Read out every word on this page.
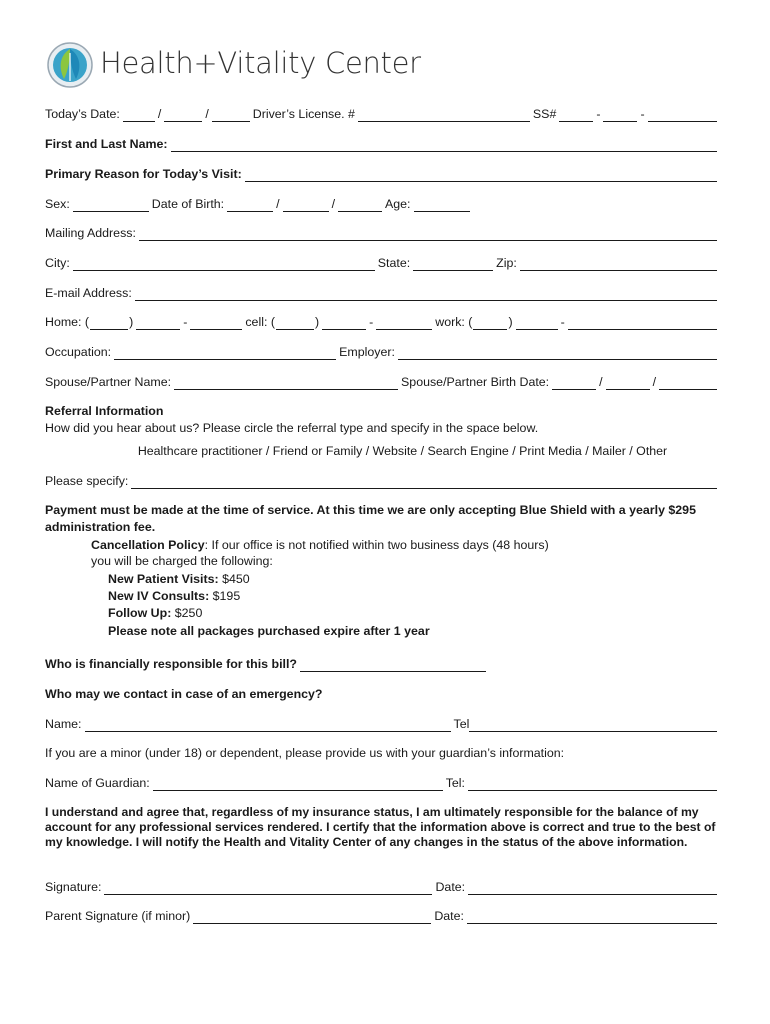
Health+Vitality Center
Today’s Date:	/	/	Driver’s License. #	SS#	-	-
First and Last Name:
Primary Reason for Today’s Visit:
Sex:	Date of Birth:	/	/	Age:
Mailing Address:
City:	State:	Zip:
E-mail Address:
Home: (	)	-	cell: (	)	-	work: (	)	-
Occupation:	Employer:
Spouse/Partner Name:	Spouse/Partner Birth Date:	/	/
Referral Information
How did you hear about us? Please circle the referral type and specify in the space below.
Healthcare practitioner / Friend or Family / Website / Search Engine / Print Media / Mailer / Other
Please specify:
Payment must be made at the time of service. At this time we are only accepting Blue Shield with a yearly $295 administration fee.
Cancellation Policy: If our office is not notified within two business days (48 hours)
you will be charged the following:
New Patient Visits: $450
New IV Consults: $195
Follow Up: $250
Please note all packages purchased expire after 1 year
Who is financially responsible for this bill?
Who may we contact in case of an emergency?
Name:	Tel
If you are a minor (under 18) or dependent, please provide us with your guardian’s information:
Name of Guardian:	Tel:
I understand and agree that, regardless of my insurance status, I am ultimately responsible for the balance of my account for any professional services rendered. I certify that the information above is correct and true to the best of my knowledge. I will notify the Health and Vitality Center of any changes in the status of the above information.
Signature:	Date:
Parent Signature (if minor)	Date:
